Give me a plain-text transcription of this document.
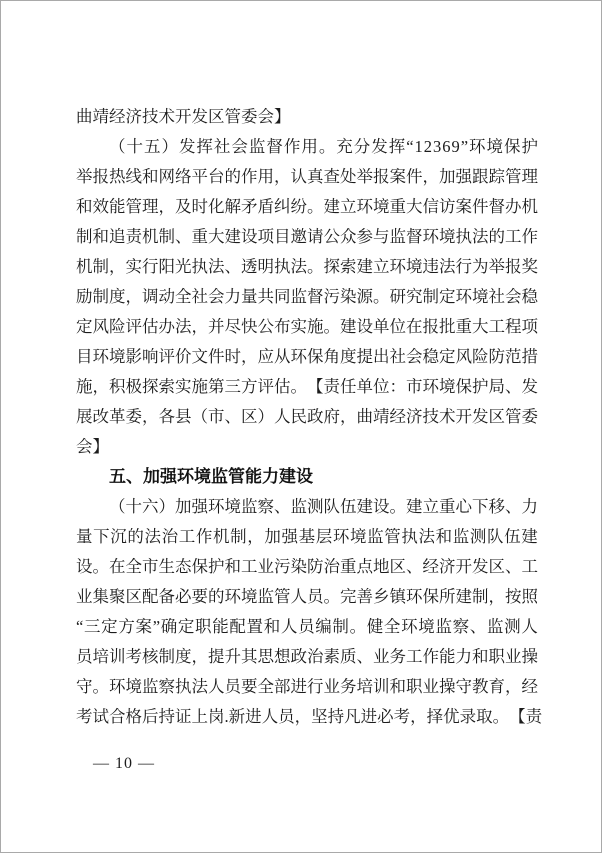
曲靖经济技术开发区管委会】
（ 十 五 ） 发 挥 社 会 监 督 作 用 。 充 分 发 挥 “ 1 2 3 6 9 ” 环 境 保 护
举 报 热 线 和 网 络 平 台 的 作 用 ， 认 真 查 处 举 报 案 件 ， 加 强 跟 踪 管 理
和 效 能 管 理 ， 及 时 化 解 矛 盾 纠 纷 。 建 立 环 境 重 大 信 访 案 件 督 办 机
制 和 追 责 机 制 、 重 大 建 设 项 目 邀 请 公 众 参 与 监 督 环 境 执 法 的 工 作
机 制 ， 实 行 阳 光 执 法 、 透 明 执 法 。 探 索 建 立 环 境 违 法 行 为 举 报 奖
励 制 度 ， 调 动 全 社 会 力 量 共 同 监 督 污 染 源 。 研 究 制 定 环 境 社 会 稳
定 风 险 评 估 办 法 ， 并 尽 快 公 布 实 施 。 建 设 单 位 在 报 批 重 大 工 程 项
目 环 境 影 响 评 价 文 件 时 ， 应 从 环 保 角 度 提 出 社 会 稳 定 风 险 防 范 措
施 ， 积 极 探 索 实 施 第 三 方 评 估 。 【 责 任 单 位 ： 市 环 境 保 护 局 、 发
展 改 革 委 ， 各 县 （ 市 、 区 ） 人 民 政 府 ， 曲 靖 经 济 技 术 开 发 区 管 委
会】
五、加强环境监管能力建设
（ 十 六 ） 加 强 环 境 监 察 、 监 测 队 伍 建 设 。 建 立 重 心 下 移 、 力
量 下 沉 的 法 治 工 作 机 制 ， 加 强 基 层 环 境 监 管 执 法 和 监 测 队 伍 建
设 。 在 全 市 生 态 保 护 和 工 业 污 染 防 治 重 点 地 区 、 经 济 开 发 区 、 工
业 集 聚 区 配 备 必 要 的 环 境 监 管 人 员 。 完 善 乡 镇 环 保 所 建 制 ， 按 照
“ 三 定 方 案 ” 确 定 职 能 配 置 和 人 员 编 制 。 健 全 环 境 监 察 、 监 测 人
员 培 训 考 核 制 度 ， 提 升 其 思 想 政 治 素 质 、 业 务 工 作 能 力 和 职 业 操
守 。 环 境 监 察 执 法 人 员 要 全 部 进 行 业 务 培 训 和 职 业 操 守 教 育 ， 经
考 试 合 格 后 持 证 上 岗 . 新 进 人 员 ， 坚 持 凡 进 必 考 ， 择 优 录 取 。 【 责
— 10 —
